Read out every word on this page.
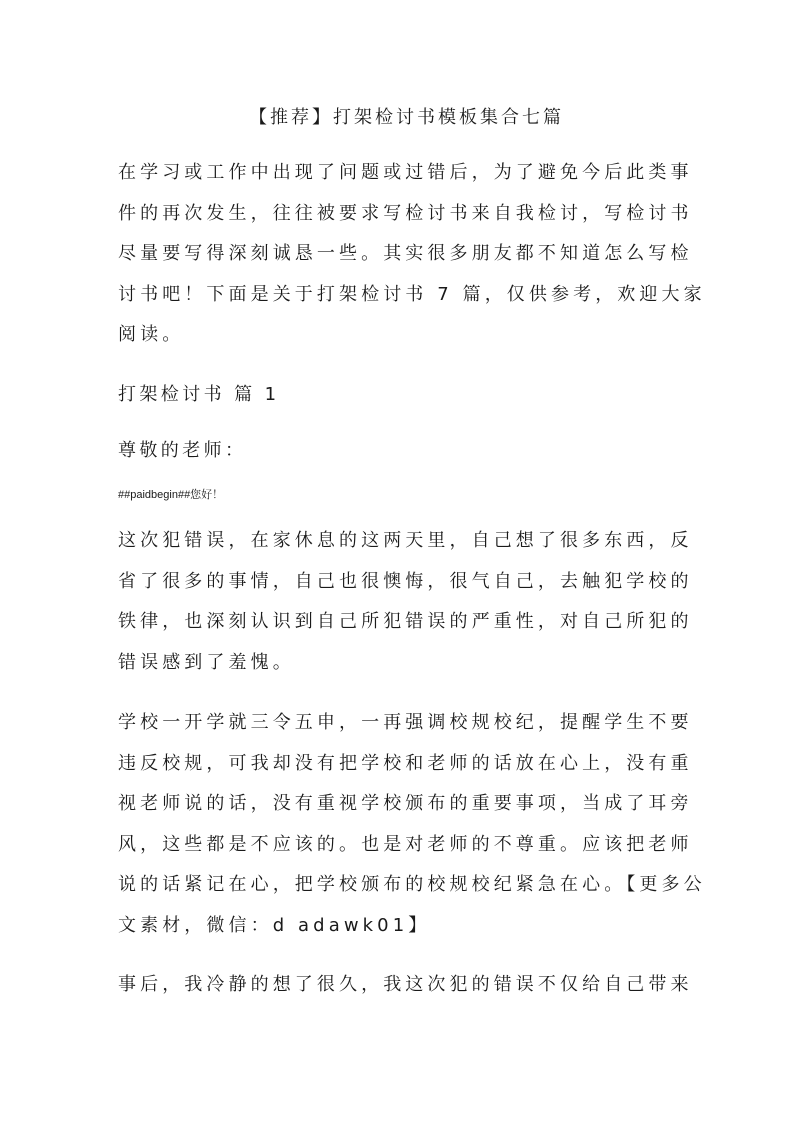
【推荐】打架检讨书模板集合七篇
在学习或工作中出现了问题或过错后，为了避免今后此类事
件的再次发生，往往被要求写检讨书来自我检讨，写检讨书
尽量要写得深刻诚恳一些。其实很多朋友都不知道怎么写检
讨书吧！下面是关于打架检讨书 7 篇，仅供参考，欢迎大家
阅读。
打架检讨书 篇 1
尊敬的老师：
##paidbegin##您好！
这次犯错误，在家休息的这两天里，自己想了很多东西，反
省了很多的事情，自己也很懊悔，很气自己，去触犯学校的
铁律，也深刻认识到自己所犯错误的严重性，对自己所犯的
错误感到了羞愧。
学校一开学就三令五申，一再强调校规校纪，提醒学生不要
违反校规，可我却没有把学校和老师的话放在心上，没有重
视老师说的话，没有重视学校颁布的重要事项，当成了耳旁
风，这些都是不应该的。也是对老师的不尊重。应该把老师
说的话紧记在心，把学校颁布的校规校纪紧急在心。【更多公
文素材，微信：d adawk01】
事后，我冷静的想了很久，我这次犯的错误不仅给自己带来
